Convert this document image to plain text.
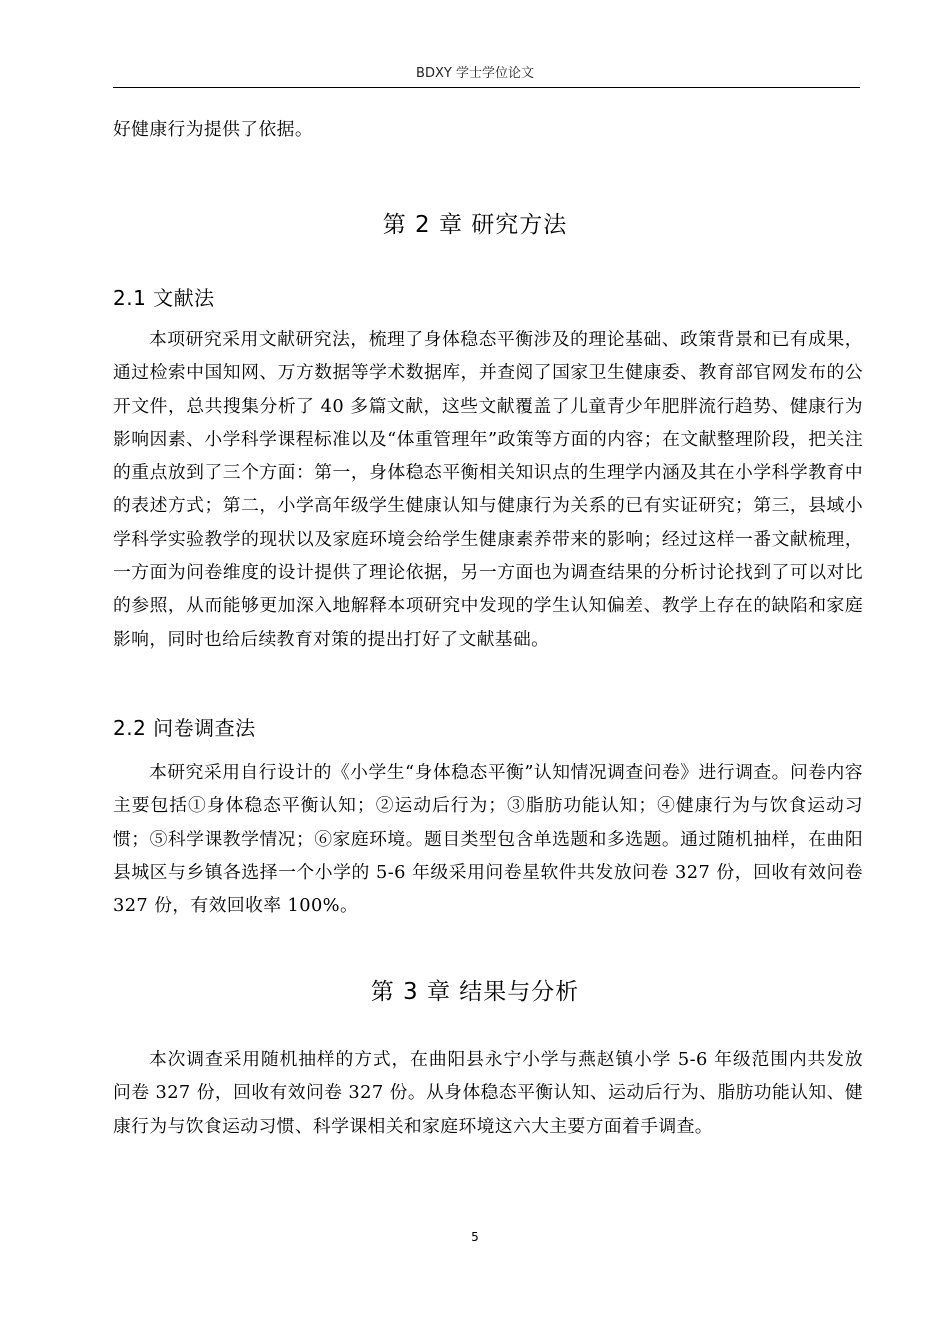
BDXY 学士学位论文

好健康行为提供了依据。

第 2 章 研究方法
2.1 文献法

本项研究采用文献研究法，梳理了身体稳态平衡涉及的理论基础、政策背景和已有成果，通过检索中国知网、万方数据等学术数据库，并查阅了国家卫生健康委、教育部官网发布的公开文件，总共搜集分析了 40 多篇文献，这些文献覆盖了儿童青少年肥胖流行趋势、健康行为影响因素、小学科学课程标准以及“体重管理年”政策等方面的内容；在文献整理阶段，把关注的重点放到了三个方面：第一，身体稳态平衡相关知识点的生理学内涵及其在小学科学教育中的表述方式；第二，小学高年级学生健康认知与健康行为关系的已有实证研究；第三，县域小学科学实验教学的现状以及家庭环境会给学生健康素养带来的影响；经过这样一番文献梳理，一方面为问卷维度的设计提供了理论依据，另一方面也为调查结果的分析讨论找到了可以对比的参照，从而能够更加深入地解释本项研究中发现的学生认知偏差、教学上存在的缺陷和家庭影响，同时也给后续教育对策的提出打好了文献基础。

2.2 问卷调查法

本研究采用自行设计的《小学生“身体稳态平衡”认知情况调查问卷》进行调查。问卷内容主要包括①身体稳态平衡认知；②运动后行为；③脂肪功能认知；④健康行为与饮食运动习惯；⑤科学课教学情况；⑥家庭环境。题目类型包含单选题和多选题。通过随机抽样，在曲阳县城区与乡镇各选择一个小学的 5-6 年级采用问卷星软件共发放问卷 327 份，回收有效问卷 327 份，有效回收率 100%。

第 3 章 结果与分析

本次调查采用随机抽样的方式，在曲阳县永宁小学与燕赵镇小学 5-6 年级范围内共发放问卷 327 份，回收有效问卷 327 份。从身体稳态平衡认知、运动后行为、脂肪功能认知、健康行为与饮食运动习惯、科学课相关和家庭环境这六大主要方面着手调查。

5
